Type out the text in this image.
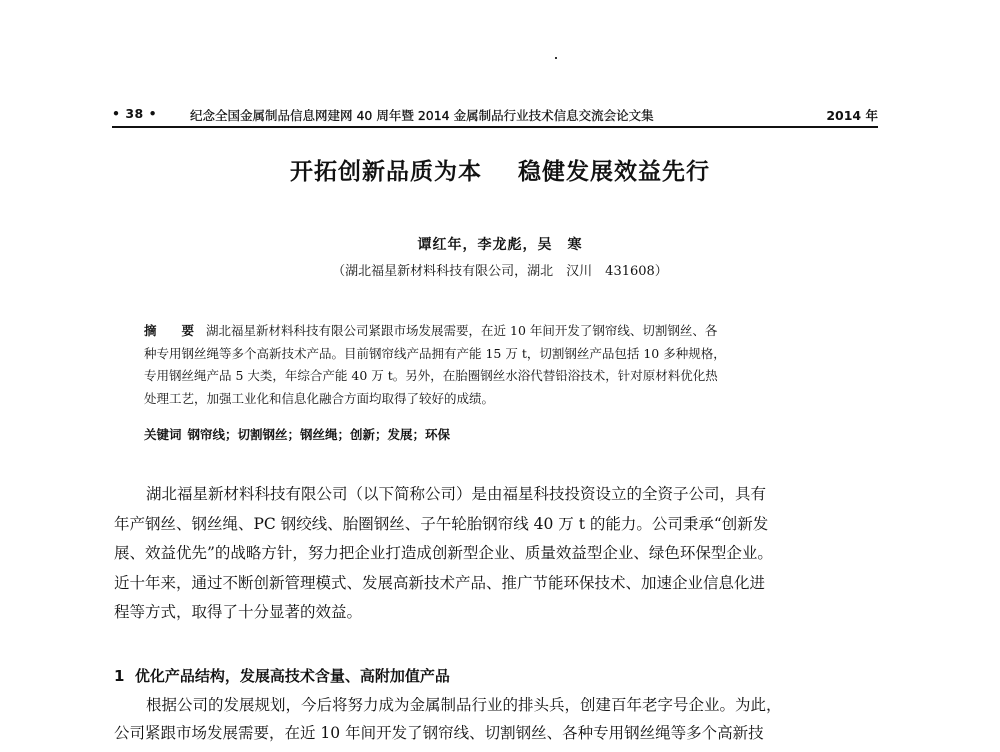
• 38 •	纪念全国金属制品信息网建网 40 周年暨 2014 金属制品行业技术信息交流会论文集	2014 年
开拓创新品质为本    稳健发展效益先行
谭红年，李龙彪，吴　寒
（湖北福星新材料科技有限公司，湖北　汉川　431608）
摘　　要 湖北福星新材料科技有限公司紧跟市场发展需要，在近 10 年间开发了钢帘线、切割钢丝、各
种专用钢丝绳等多个高新技术产品。目前钢帘线产品拥有产能 15 万 t，切割钢丝产品包括 10 多种规格，
专用钢丝绳产品 5 大类，年综合产能 40 万 t。另外，在胎圈钢丝水浴代替铅浴技术，针对原材料优化热
处理工艺，加强工业化和信息化融合方面均取得了较好的成绩。
关键词 钢帘线；切割钢丝；钢丝绳；创新；发展；环保
湖北福星新材料科技有限公司（以下简称公司）是由福星科技投资设立的全资子公司，具有
年产钢丝、钢丝绳、PC 钢绞线、胎圈钢丝、子午轮胎钢帘线 40 万 t 的能力。公司秉承“创新发
展、效益优先”的战略方针，努力把企业打造成创新型企业、质量效益型企业、绿色环保型企业。
近十年来，通过不断创新管理模式、发展高新技术产品、推广节能环保技术、加速企业信息化进
程等方式，取得了十分显著的效益。
1  优化产品结构，发展高技术含量、高附加值产品
根据公司的发展规划，今后将努力成为金属制品行业的排头兵，创建百年老字号企业。为此，
公司紧跟市场发展需要，在近 10 年间开发了钢帘线、切割钢丝、各种专用钢丝绳等多个高新技
